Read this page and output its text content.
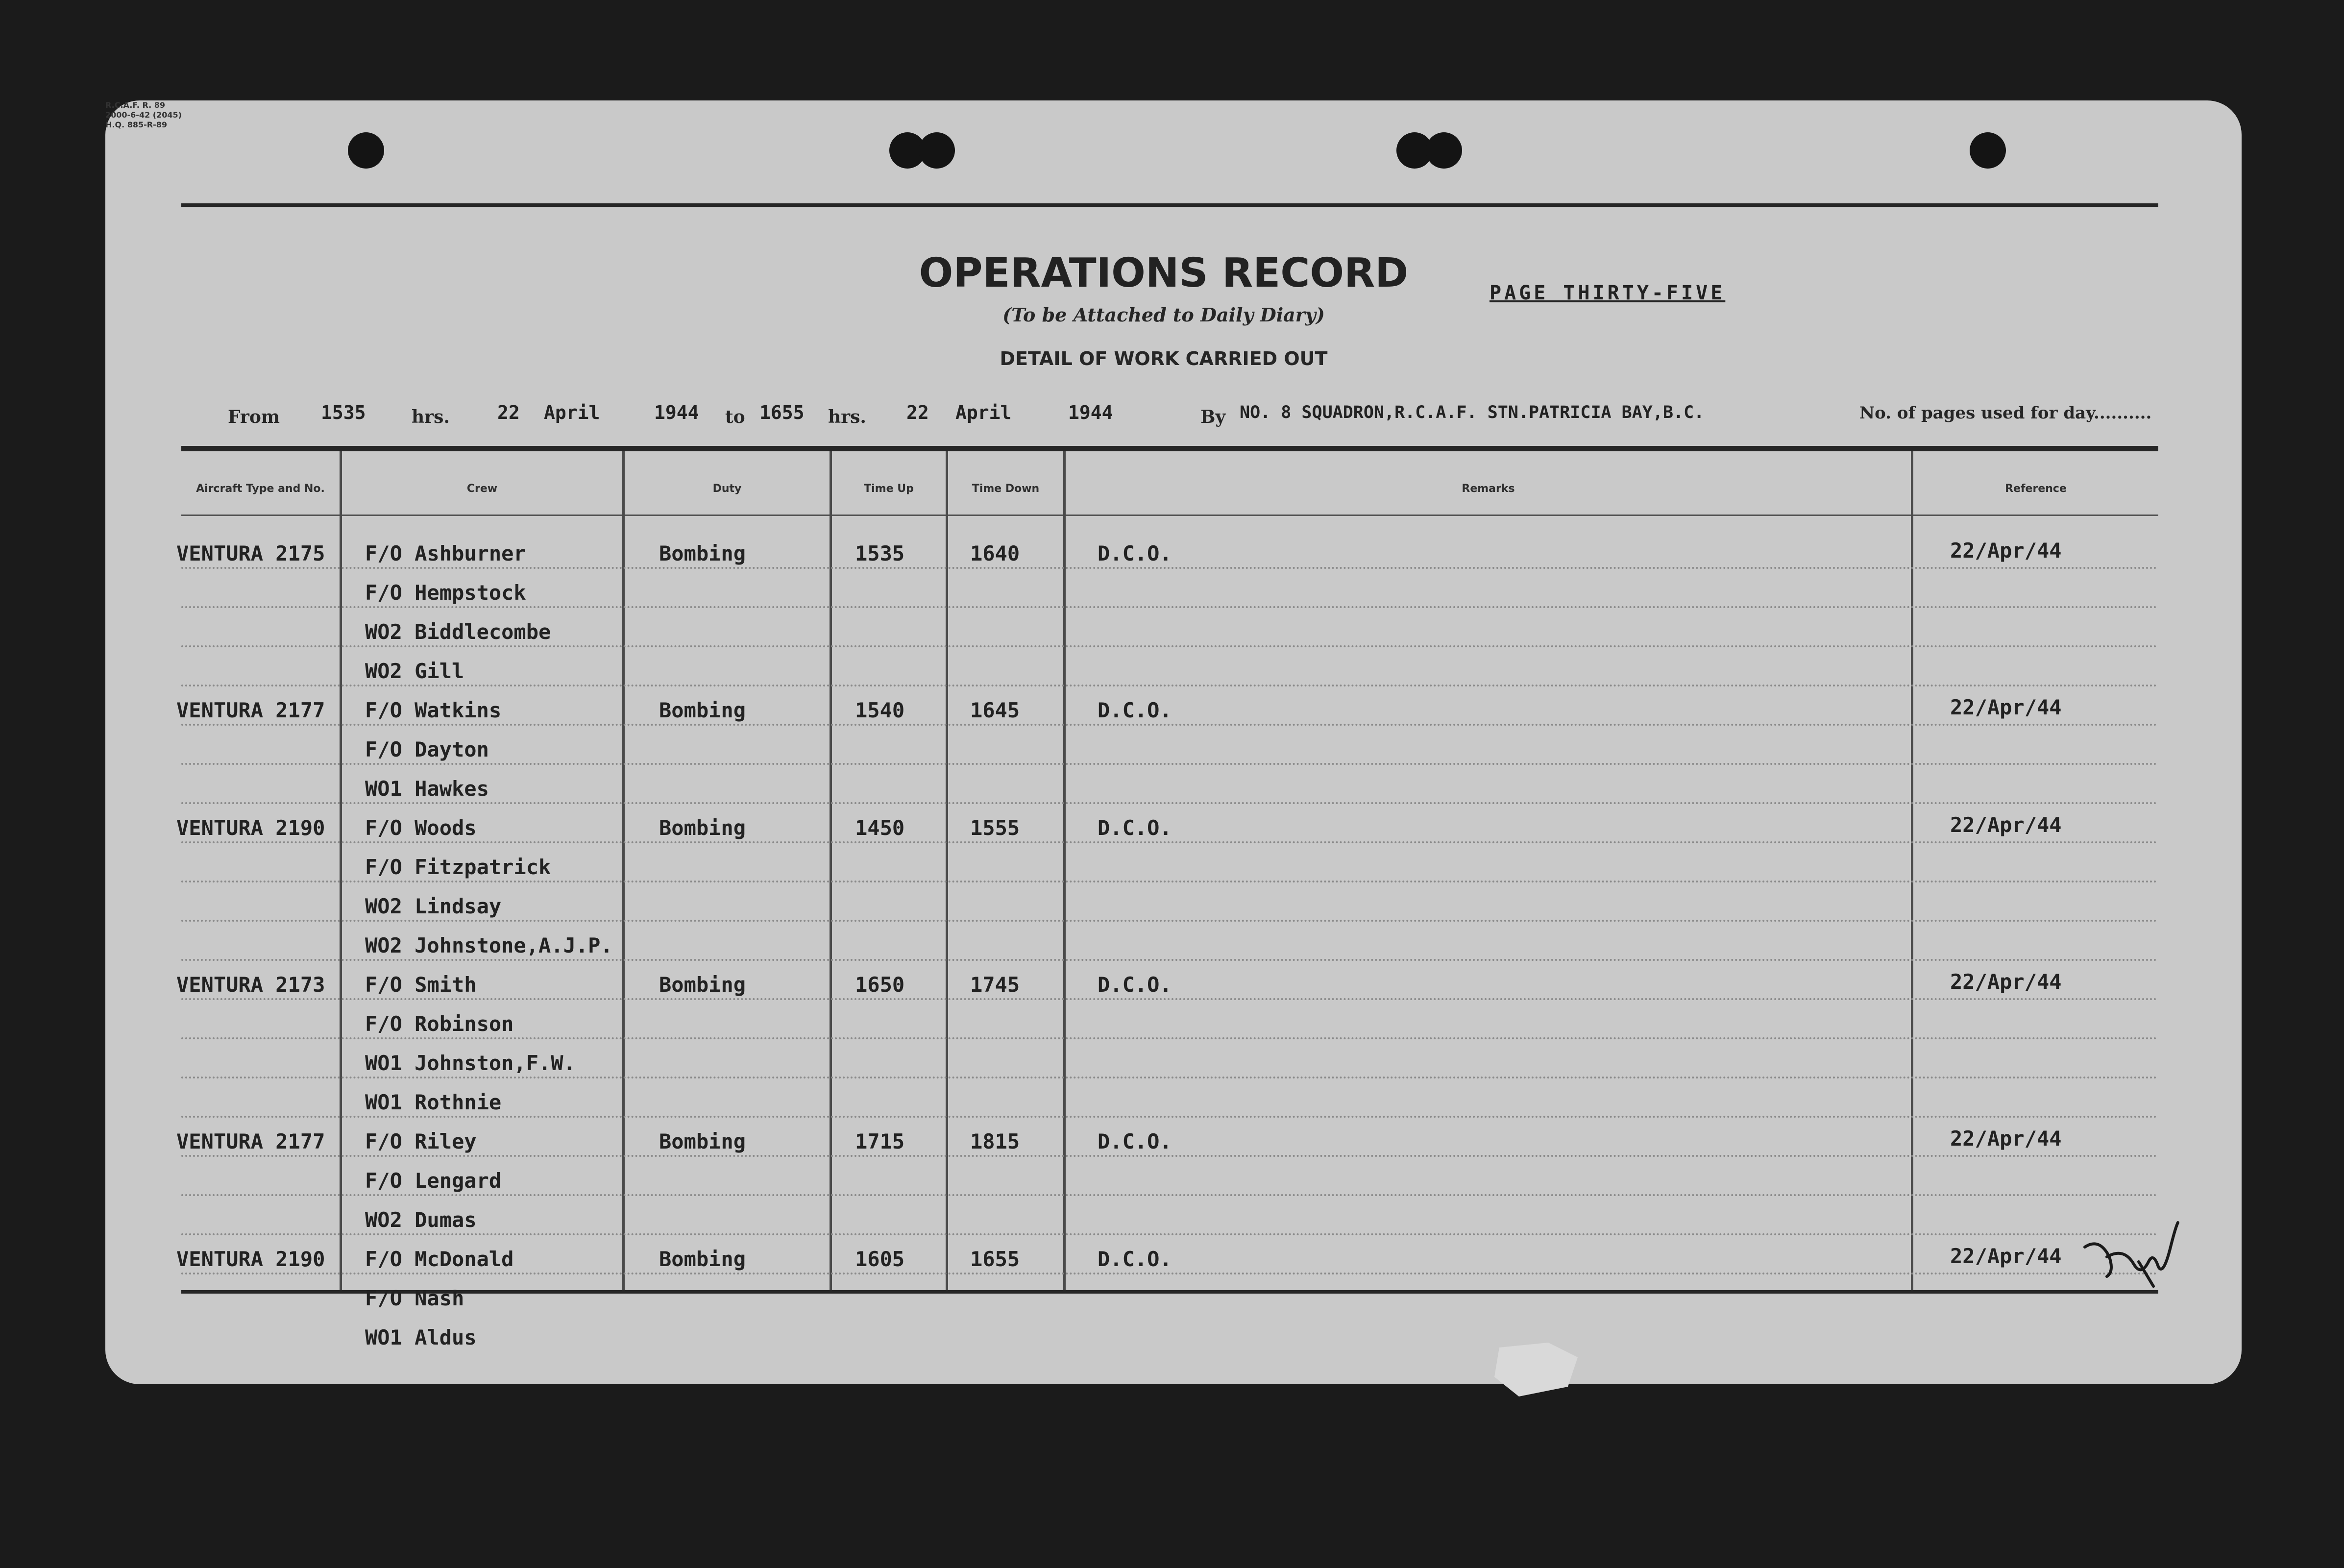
OPERATIONS RECORD
(To be Attached to Daily Diary)
DETAIL OF WORK CARRIED OUT
PAGE THIRTY-FIVE
R.C.A.F. R. 89
2000-6-42 (2045)
H.Q. 885-R-89
From 1535	hrs.	22 April	1944 to 1655 hrs. 22 April	1944	By NO. 8 SQUADRON,R.C.A.F. STN.PATRICIA BAY,B.C.	No. of pages used for day..........
Aircraft Type and No.	Crew	Duty	Time Up	Time Down	Remarks	Reference
VENTURA 2175 F/O Ashburner	Bombing	1535	1640	D.C.O.	22/Apr/44
F/O Hempstock
WO2 Biddlecombe
WO2 Gill
VENTURA 2177 F/O Watkins	Bombing	1540	1645	D.C.O.	22/Apr/44
F/O Dayton
WO1 Hawkes
VENTURA 2190 F/O Woods	Bombing	1450	1555	D.C.O.	22/Apr/44
F/O Fitzpatrick
WO2 Lindsay
WO2 Johnstone,A.J.P.
VENTURA 2173 F/O Smith	Bombing	1650	1745	D.C.O.	22/Apr/44
F/O Robinson
WO1 Johnston,F.W.
WO1 Rothnie
VENTURA 2177 F/O Riley	Bombing	1715	1815	D.C.O.	22/Apr/44
F/O Lengard
WO2 Dumas
VENTURA 2190 F/O McDonald	Bombing	1605	1655	D.C.O.	22/Apr/44
F/O Nash
WO1 Aldus
